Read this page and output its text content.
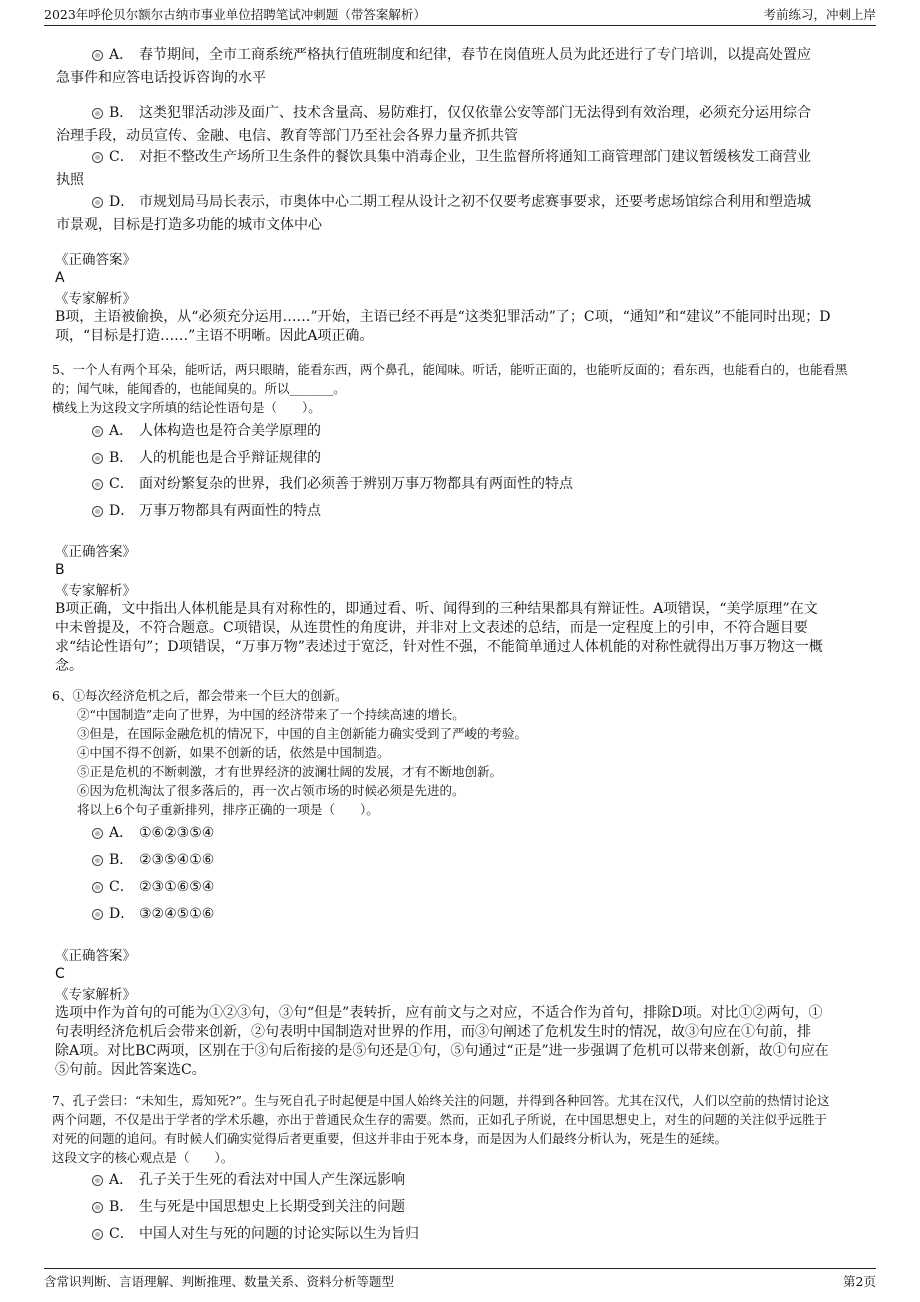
2023年呼伦贝尔额尔古纳市事业单位招聘笔试冲刺题（带答案解析）	考前练习，冲刺上岸
A． 春节期间，全市工商系统严格执行值班制度和纪律，春节在岗值班人员为此还进行了专门培训，以提高处置应
急事件和应答电话投诉咨询的水平
B． 这类犯罪活动涉及面广、技术含量高、易防难打，仅仅依靠公安等部门无法得到有效治理，必须充分运用综合
治理手段，动员宣传、金融、电信、教育等部门乃至社会各界力量齐抓共管
C． 对拒不整改生产场所卫生条件的餐饮具集中消毒企业，卫生监督所将通知工商管理部门建议暂缓核发工商营业
执照
D． 市规划局马局长表示，市奥体中心二期工程从设计之初不仅要考虑赛事要求，还要考虑场馆综合利用和塑造城
市景观，目标是打造多功能的城市文体中心
《正确答案》
A
《专家解析》
B项，主语被偷换，从“必须充分运用……”开始，主语已经不再是“这类犯罪活动”了；C项，“通知”和“建议”不能同时出现；D
项，“目标是打造……”主语不明晰。因此A项正确。
5、一个人有两个耳朵，能听话，两只眼睛，能看东西，两个鼻孔，能闻味。听话，能听正面的，也能听反面的；看东西，也能看白的，也能看黑
的；闻气味，能闻香的，也能闻臭的。所以_______。
横线上为这段文字所填的结论性语句是（　　）。
A． 人体构造也是符合美学原理的
B． 人的机能也是合乎辩证规律的
C． 面对纷繁复杂的世界，我们必须善于辨别万事万物都具有两面性的特点
D． 万事万物都具有两面性的特点
《正确答案》
B
《专家解析》
B项正确，文中指出人体机能是具有对称性的，即通过看、听、闻得到的三种结果都具有辩证性。A项错误，“美学原理”在文
中未曾提及，不符合题意。C项错误，从连贯性的角度讲，并非对上文表述的总结，而是一定程度上的引申，不符合题目要
求“结论性语句”；D项错误，“万事万物”表述过于宽泛，针对性不强，不能简单通过人体机能的对称性就得出万事万物这一概
念。
6、①每次经济危机之后，都会带来一个巨大的创新。
②“中国制造”走向了世界，为中国的经济带来了一个持续高速的增长。
③但是，在国际金融危机的情况下，中国的自主创新能力确实受到了严峻的考验。
④中国不得不创新，如果不创新的话，依然是中国制造。
⑤正是危机的不断刺激，才有世界经济的波澜壮阔的发展，才有不断地创新。
⑥因为危机淘汰了很多落后的，再一次占领市场的时候必须是先进的。
将以上6个句子重新排列，排序正确的一项是（　　）。
A． ①⑥②③⑤④
B． ②③⑤④①⑥
C． ②③①⑥⑤④
D． ③②④⑤①⑥
《正确答案》
C
《专家解析》
选项中作为首句的可能为①②③句，③句“但是”表转折，应有前文与之对应，不适合作为首句，排除D项。对比①②两句，①
句表明经济危机后会带来创新，②句表明中国制造对世界的作用，而③句阐述了危机发生时的情况，故③句应在①句前，排
除A项。对比BC两项，区别在于③句后衔接的是⑤句还是①句，⑤句通过“正是”进一步强调了危机可以带来创新，故①句应在
⑤句前。因此答案选C。
7、孔子尝曰：“未知生，焉知死?”。生与死自孔子时起便是中国人始终关注的问题，并得到各种回答。尤其在汉代，人们以空前的热情讨论这
两个问题，不仅是出于学者的学术乐趣，亦出于普通民众生存的需要。然而，正如孔子所说，在中国思想史上，对生的问题的关注似乎远胜于
对死的问题的追问。有时候人们确实觉得后者更重要，但这并非由于死本身，而是因为人们最终分析认为，死是生的延续。
这段文字的核心观点是（　　）。
A． 孔子关于生死的看法对中国人产生深远影响
B． 生与死是中国思想史上长期受到关注的问题
C． 中国人对生与死的问题的讨论实际以生为旨归
含常识判断、言语理解、判断推理、数量关系、资料分析等题型	第2页
